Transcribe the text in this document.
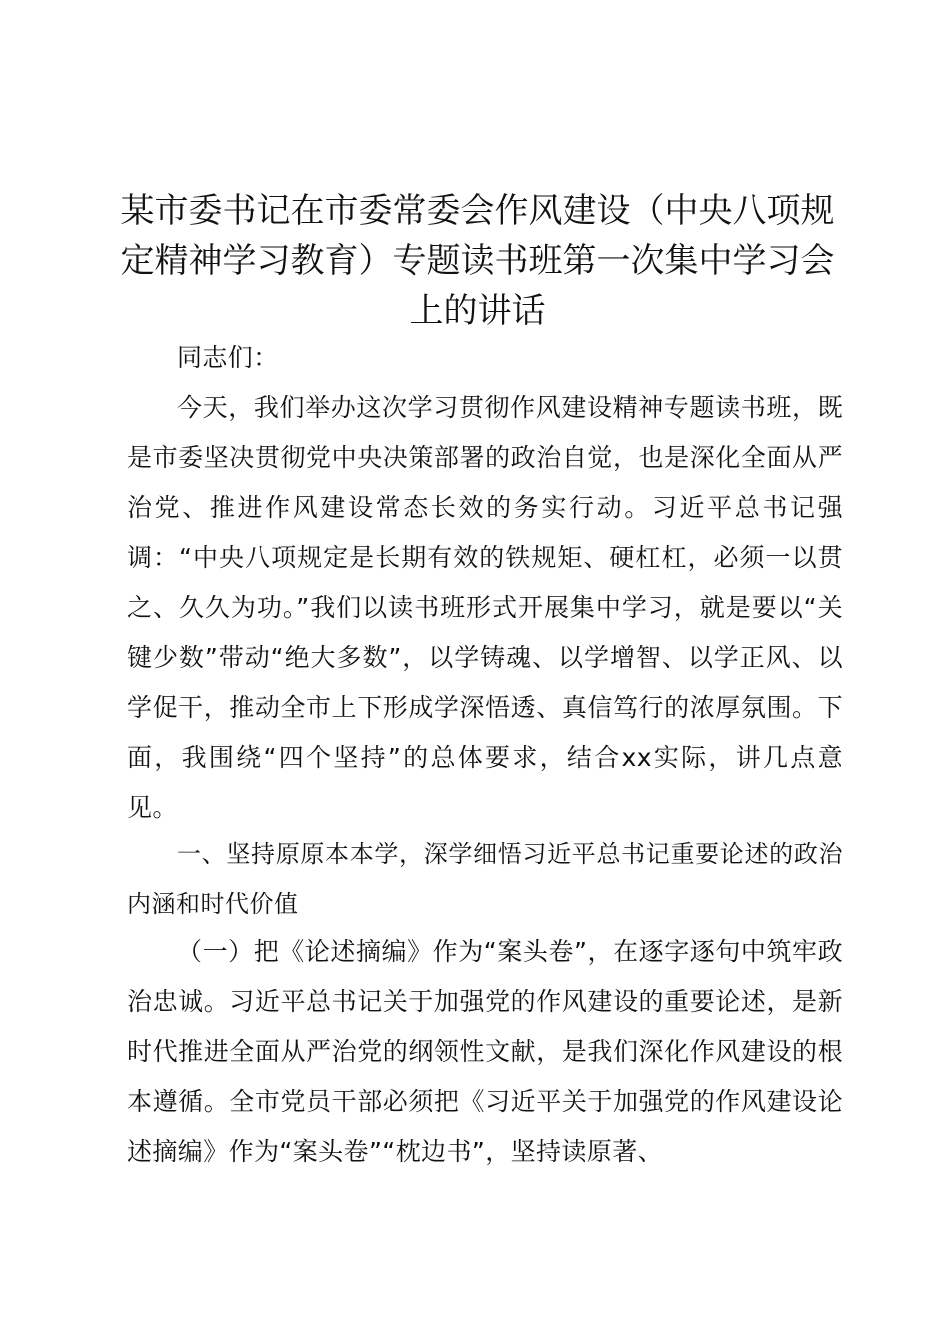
某市委书记在市委常委会作风建设（中央八项规定精神学习教育）专题读书班第一次集中学习会上的讲话

同志们：

今天，我们举办这次学习贯彻作风建设精神专题读书班，既是市委坚决贯彻党中央决策部署的政治自觉，也是深化全面从严治党、推进作风建设常态长效的务实行动。习近平总书记强调：“中央八项规定是长期有效的铁规矩、硬杠杠，必须一以贯之、久久为功。”我们以读书班形式开展集中学习，就是要以“关键少数”带动“绝大多数”，以学铸魂、以学增智、以学正风、以学促干，推动全市上下形成学深悟透、真信笃行的浓厚氛围。下面，我围绕“四个坚持”的总体要求，结合xx实际，讲几点意见。

一、坚持原原本本学，深学细悟习近平总书记重要论述的政治内涵和时代价值

（一）把《论述摘编》作为“案头卷”，在逐字逐句中筑牢政治忠诚。习近平总书记关于加强党的作风建设的重要论述，是新时代推进全面从严治党的纲领性文献，是我们深化作风建设的根本遵循。全市党员干部必须把《习近平关于加强党的作风建设论述摘编》作为“案头卷”“枕边书”，坚持读原著、
